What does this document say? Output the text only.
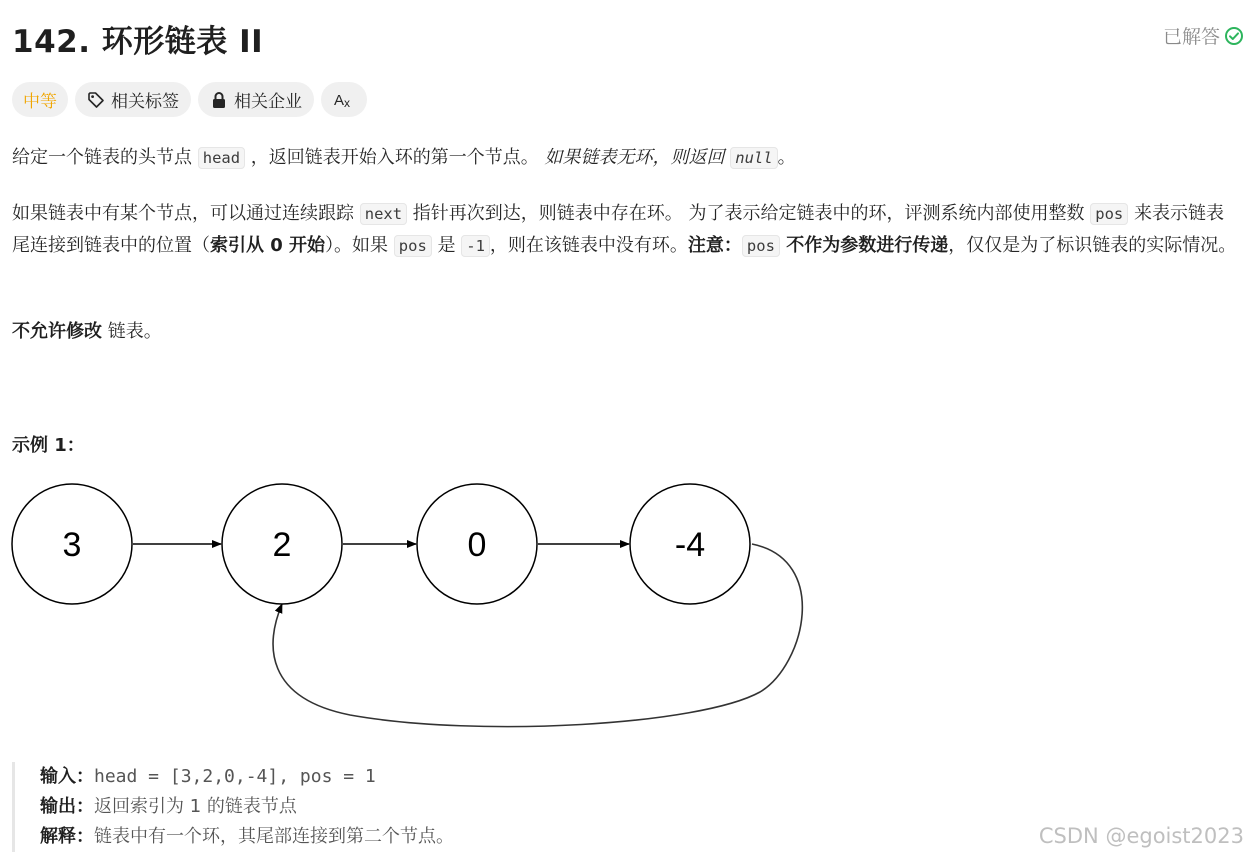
142. 环形链表 II	已解答
中等	相关标签	相关企业 A x
给定一个链表的头节点 head ，返回链表开始入环的第一个节点。 如果链表无环，则返回 null 。
如果链表中有某个节点，可以通过连续跟踪 next 指针再次到达，则链表中存在环。 为了表示给定链表中的环，评测系统内部使用整数 pos 来表示链表尾连接到链表中的位置（索引从 0 开始）。如果 pos 是 -1 ，则在该链表中没有环。注意： pos 不作为参数进行传递，仅仅是为了标识链表的实际情况。
不允许修改 链表。
示例 1：
3	2	0	-4
输入：head = [3,2,0,-4], pos = 1
输出：返回索引为 1 的链表节点
解释：链表中有一个环，其尾部连接到第二个节点。	CSDN @egoist2023
